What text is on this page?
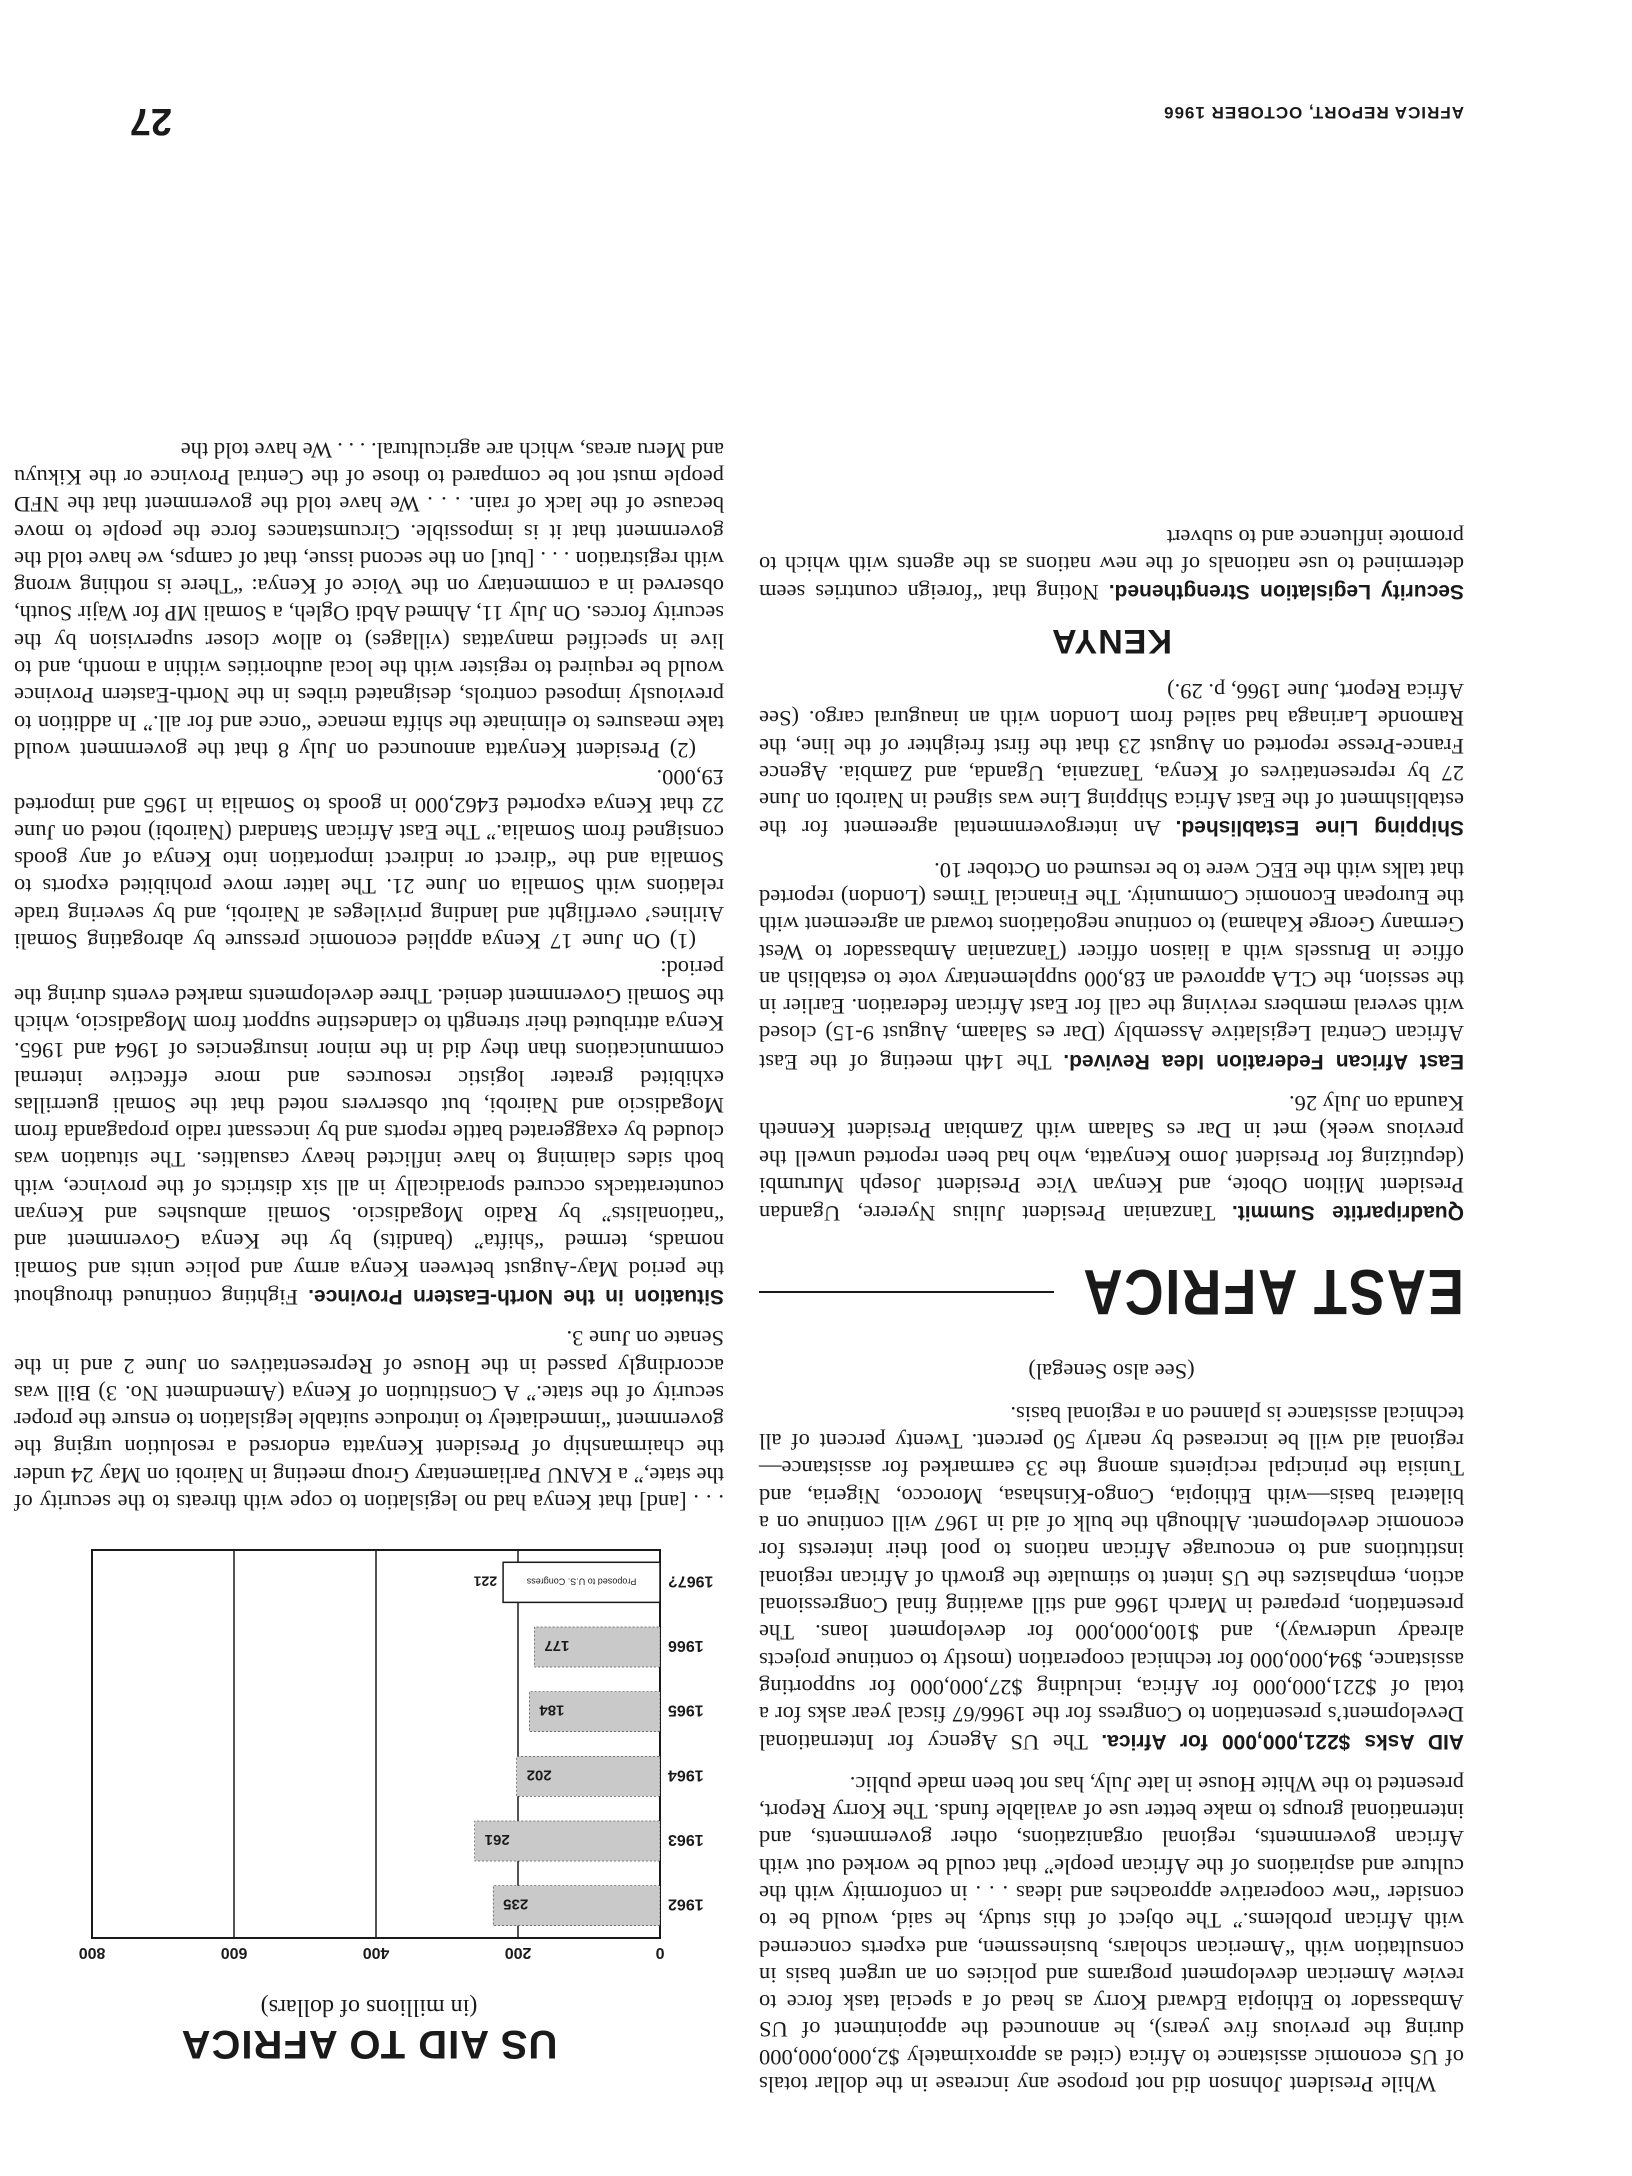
AFRICA REPORT, OCTOBER 1966
27

While President Johnson did not propose any increase in the dollar totals of US economic assistance to Africa (cited as approximately $2,000,000,000 during the previous five years), he announced the appointment of US Ambassador to Ethiopia Edward Korry as head of a special task force to review American development programs and policies on an urgent basis in consultation with “American scholars, businessmen, and experts concerned with African problems.” The object of this study, he said, would be to consider “new cooperative approaches and ideas . . . in conformity with the culture and aspirations of the African people” that could be worked out with African governments, regional organizations, other governments, and international groups to make better use of available funds. The Korry Report, presented to the White House in late July, has not been made public.

AID Asks $221,000,000 for Africa. The US Agency for International Development’s presentation to Congress for the 1966/67 fiscal year asks for a total of $221,000,000 for Africa, including $27,000,000 for supporting assistance, $94,000,000 for technical cooperation (mostly to continue projects already underway), and $100,000,000 for development loans. The presentation, prepared in March 1966 and still awaiting final Congressional action, emphasizes the US intent to stimulate the growth of African regional institutions and to encourage African nations to pool their interests for economic development. Although the bulk of aid in 1967 will continue on a bilateral basis—with Ethiopia, Congo-Kinshasa, Morocco, Nigeria, and Tunisia the principal recipients among the 33 earmarked for assistance—regional aid will be increased by nearly 50 percent. Twenty percent of all technical assistance is planned on a regional basis.

(See also Senegal)

EAST AFRICA

Quadripartite Summit. Tanzanian President Julius Nyerere, Ugandan President Milton Obote, and Kenyan Vice President Joseph Murumbi (deputizing for President Jomo Kenyatta, who had been reported unwell the previous week) met in Dar es Salaam with Zambian President Kenneth Kaunda on July 26.

East African Federation Idea Revived. The 14th meeting of the East African Central Legislative Assembly (Dar es Salaam, August 9-15) closed with several members reviving the call for East African federation. Earlier in the session, the CLA approved an £8,000 supplementary vote to establish an office in Brussels with a liaison officer (Tanzanian Ambassador to West Germany George Kahama) to continue negotiations toward an agreement with the European Economic Community. The Financial Times (London) reported that talks with the EEC were to be resumed on October 10.

Shipping Line Established. An intergovernmental agreement for the establishment of the East Africa Shipping Line was signed in Nairobi on June 27 by representatives of Kenya, Tanzania, Uganda, and Zambia. Agence France-Presse reported on August 23 that the first freighter of the line, the Ramonde Larinaga had sailed from London with an inaugural cargo. (See Africa Report, June 1966, p. 29.)

KENYA

Security Legislation Strengthened. Noting that “foreign countries seem determined to use nationals of the new nations as the agents with which to promote influence and to subvert

US AID TO AFRICA
(in millions of dollars)
0
200
400
600
800
1962
235
1963
261
1964
202
1965
184
1966
177
1967?
221	Proposed to U.S. Congress

. . . [and] that Kenya had no legislation to cope with threats to the security of the state,” a KANU Parliamentary Group meeting in Nairobi on May 24 under the chairmanship of President Kenyatta endorsed a resolution urging the government “immediately to introduce suitable legislation to ensure the proper security of the state.” A Constitution of Kenya (Amendment No. 3) Bill was accordingly passed in the House of Representatives on June 2 and in the Senate on June 3.

Situation in the North-Eastern Province. Fighting continued throughout the period May-August between Kenya army and police units and Somali nomads, termed “shifta” (bandits) by the Kenya Government and “nationalists” by Radio Mogadiscio. Somali ambushes and Kenyan counterattacks occured sporadically in all six districts of the province, with both sides claiming to have inflicted heavy casualties. The situation was clouded by exaggerated battle reports and by incessant radio propaganda from Mogadiscio and Nairobi, but observers noted that the Somali guerrillas exhibited greater logistic resources and more effective internal communications than they did in the minor insurgencies of 1964 and 1965. Kenya attributed their strength to clandestine support from Mogadiscio, which the Somali Government denied. Three developments marked events during the period:

(1) On June 17 Kenya applied economic pressure by abrogating Somali Airlines’ overflight and landing privileges at Nairobi, and by severing trade relations with Somalia on June 21. The latter move prohibited exports to Somalia and the “direct or indirect importation into Kenya of any goods consigned from Somalia.” The East African Standard (Nairobi) noted on June 22 that Kenya exported £462,000 in goods to Somalia in 1965 and imported £9,000.

(2) President Kenyatta announced on July 8 that the government would take measures to eliminate the shifta menace “once and for all.” In addition to previously imposed controls, designated tribes in the North-Eastern Province would be required to register with the local authorities within a month, and to live in specified manyattas (villages) to allow closer supervision by the security forces. On July 11, Ahmed Abdi Ogleh, a Somali MP for Wajir South, observed in a commentary on the Voice of Kenya: “There is nothing wrong with registration . . . [but] on the second issue, that of camps, we have told the government that it is impossible. Circumstances force the people to move because of the lack of rain. . . . We have told the government that the NFD people must not be compared to those of the Central Province or the Kikuyu and Meru areas, which are agricultural. . . . We have told the
